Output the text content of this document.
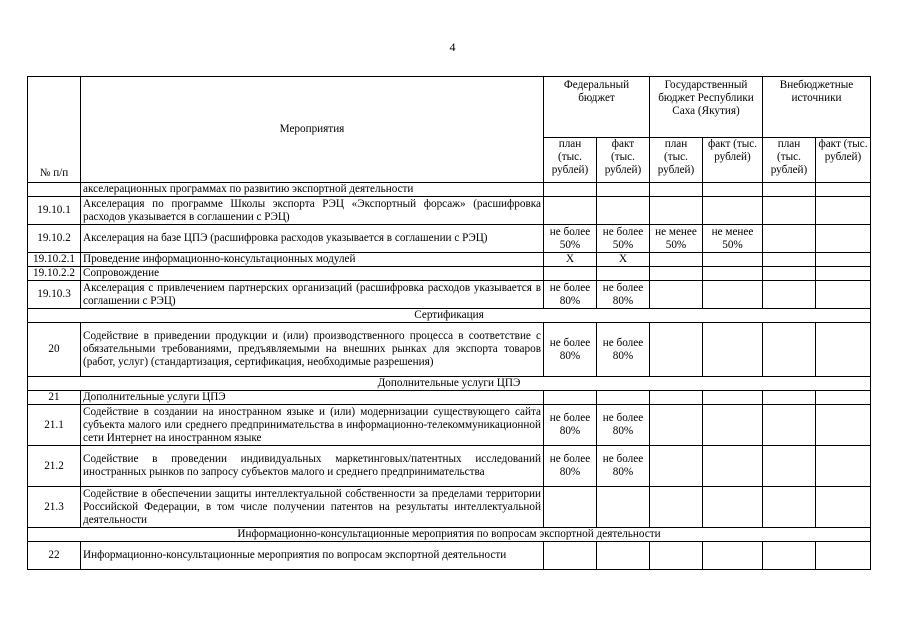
4
№ п/п	Мероприятия	Федеральный бюджет		Государственный бюджет Республики Саха (Якутия)		Внебюджетные источники	
		план (тыс. рублей)	факт (тыс. рублей)	план (тыс. рублей)	факт (тыс. рублей)	план (тыс. рублей)	факт (тыс. рублей)
	акселерационных программах по развитию экспортной деятельности						
19.10.1	Акселерация по программе Школы экспорта РЭЦ «Экспортный форсаж» (расшифровка расходов указывается в соглашении с РЭЦ)						
19.10.2	Акселерация на базе ЦПЭ (расшифровка расходов указывается в соглашении с РЭЦ)	не более 50%	не более 50%	не менее 50%	не менее 50%		
19.10.2.1	Проведение информационно-консультационных модулей	Х	Х				
19.10.2.2	Сопровождение						
19.10.3	Акселерация с привлечением партнерских организаций (расшифровка расходов указывается в соглашении с РЭЦ)	не более 80%	не более 80%				
Сертификация							
20	Содействие в приведении продукции и (или) производственного процесса в соответствие с обязательными требованиями, предъявляемыми на внешних рынках для экспорта товаров (работ, услуг) (стандартизация, сертификация, необходимые разрешения)	не более 80%	не более 80%				
Дополнительные услуги ЦПЭ							
21	Дополнительные услуги ЦПЭ						
21.1	Содействие в создании на иностранном языке и (или) модернизации существующего сайта субъекта малого или среднего предпринимательства в информационно-телекоммуникационной сети Интернет на иностранном языке	не более 80%	не более 80%				
21.2	Содействие в проведении индивидуальных маркетинговых/патентных исследований иностранных рынков по запросу субъектов малого и среднего предпринимательства	не более 80%	не более 80%				
21.3	Содействие в обеспечении защиты интеллектуальной собственности за пределами территории Российской Федерации, в том числе получении патентов на результаты интеллектуальной деятельности						
Информационно-консультационные мероприятия по вопросам экспортной деятельности							
22	Информационно-консультационные мероприятия по вопросам экспортной деятельности						
